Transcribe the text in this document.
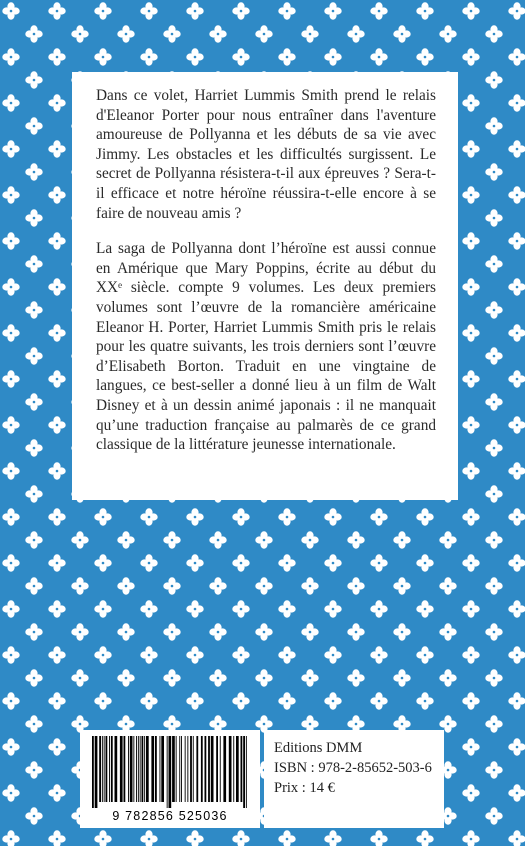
Dans ce volet, Harriet Lummis Smith prend le relais d'Eleanor Porter pour nous entraîner dans l'aventure amoureuse de Pollyanna et les débuts de sa vie avec Jimmy. Les obstacles et les difficultés surgissent. Le secret de Pollyanna résistera-t-il aux épreuves ? Sera-t-il efficace et notre héroïne réussira-t-elle encore à se faire de nouveau amis ?

La saga de Pollyanna dont l’héroïne est aussi connue en Amérique que Mary Poppins, écrite au début du XXᵉ siècle. compte 9 volumes. Les deux premiers volumes sont l’œuvre de la romancière américaine Eleanor H. Porter, Harriet Lummis Smith pris le relais pour les quatre suivants, les trois derniers sont l’œuvre d’Elisabeth Borton. Traduit en une vingtaine de langues, ce best-seller a donné lieu à un film de Walt Disney et à un dessin animé japonais : il ne manquait qu’une traduction française au palmarès de ce grand classique de la littérature jeunesse internationale.

9 782856 525036
Editions DMM
ISBN : 978-2-85652-503-6
Prix : 14 €
